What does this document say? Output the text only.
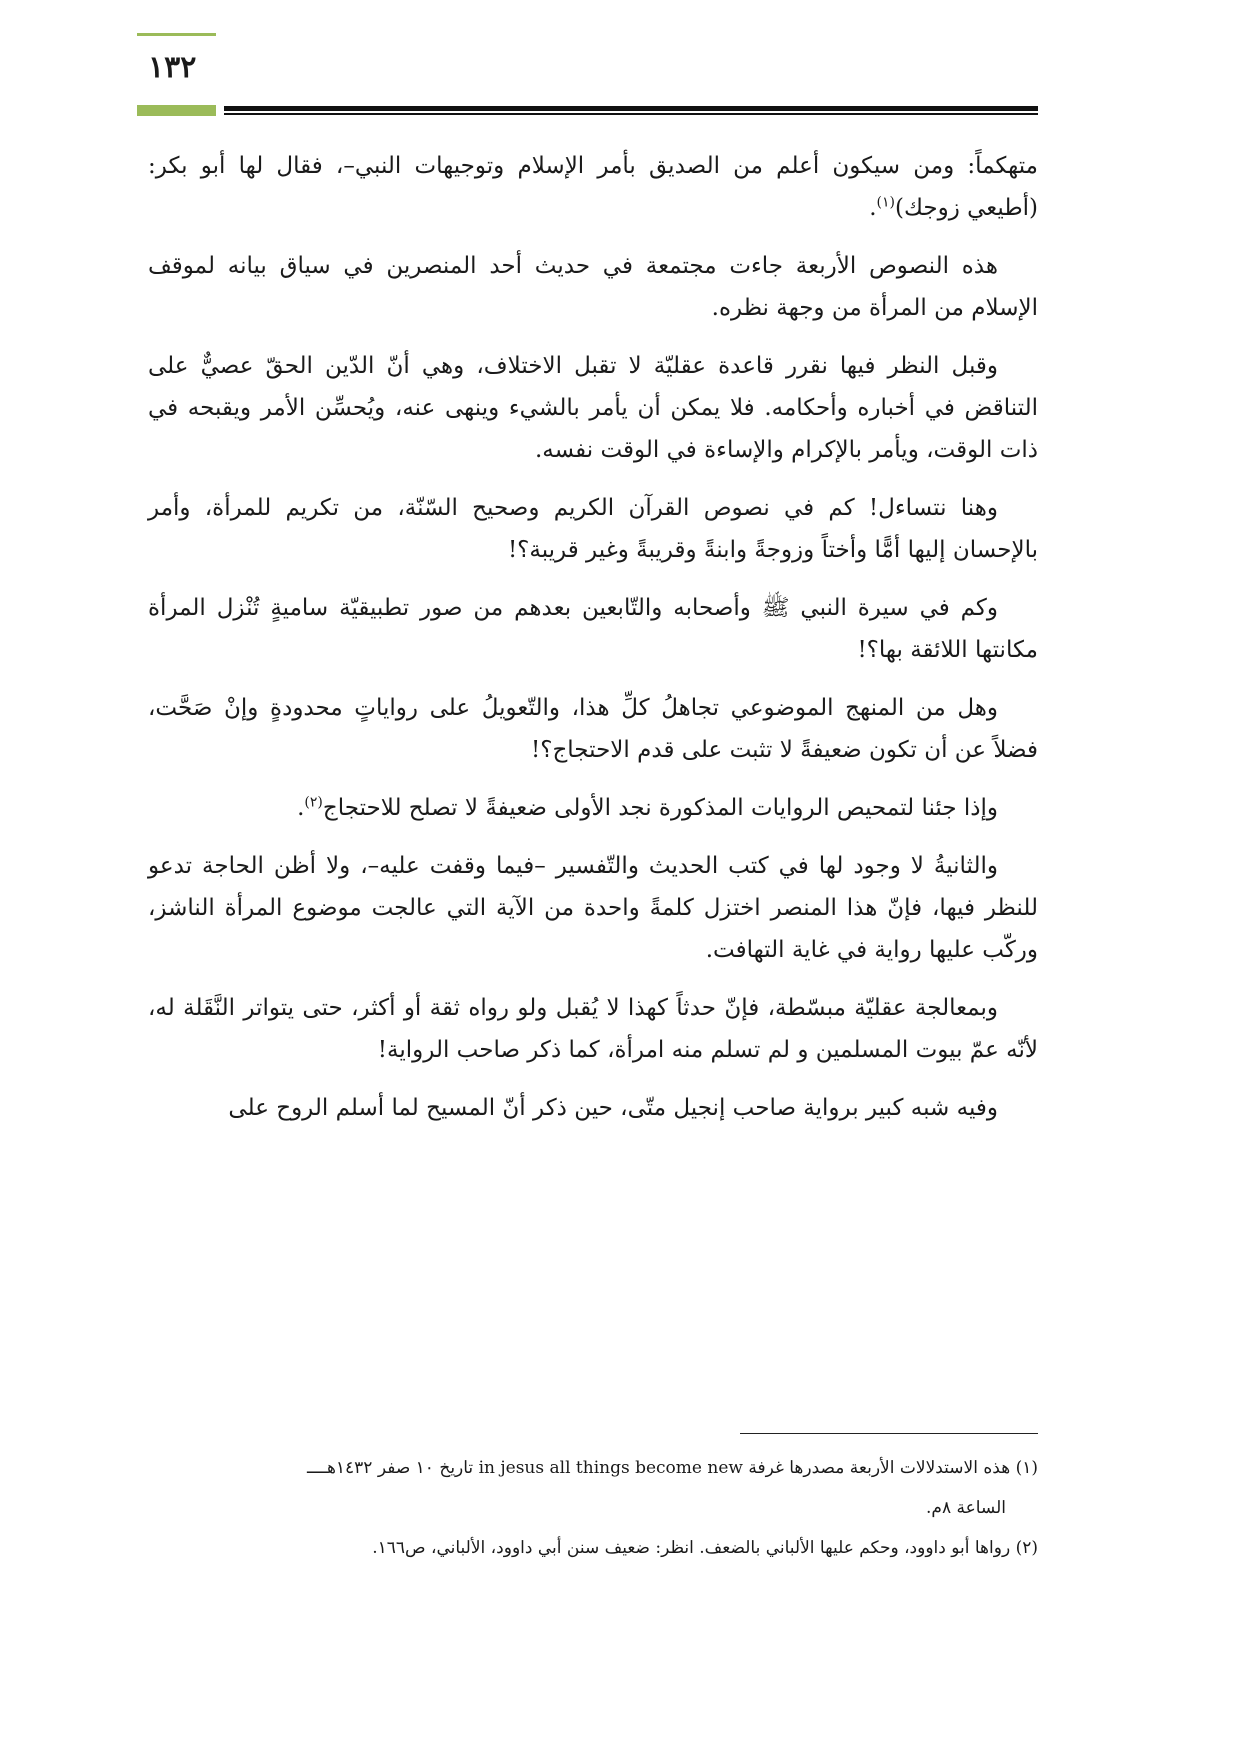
١٣٢

متهكماً: ومن سيكون أعلم من الصديق بأمر الإسلام وتوجيهات النبي–، فقال لها أبو بكر: (أطيعي زوجك)$^{(١)}$.

هذه النصوص الأربعة جاءت مجتمعة في حديث أحد المنصرين في سياق بيانه لموقف الإسلام من المرأة من وجهة نظره.

وقبل النظر فيها نقرر قاعدة عقليّة لا تقبل الاختلاف، وهي أنّ الدّين الحقّ عصيٌّ على التناقض في أخباره وأحكامه. فلا يمكن أن يأمر بالشيء وينهى عنه، ويُحسِّن الأمر ويقبحه في ذات الوقت، ويأمر بالإكرام والإساءة في الوقت نفسه.

وهنا نتساءل! كم في نصوص القرآن الكريم وصحيح السّنّة، من تكريم للمرأة، وأمر بالإحسان إليها أمًّا وأختاً وزوجةً وابنةً وقريبةً وغير قريبة؟!

وكم في سيرة النبي ﷺ وأصحابه والتّابعين بعدهم من صور تطبيقيّة ساميةٍ تُنْزل المرأة مكانتها اللائقة بها؟!

وهل من المنهج الموضوعي تجاهلُ كلِّ هذا، والتّعويلُ على رواياتٍ محدودةٍ وإنْ صَحَّت، فضلاً عن أن تكون ضعيفةً لا تثبت على قدم الاحتجاج؟!

وإذا جئنا لتمحيص الروايات المذكورة نجد الأولى ضعيفةً لا تصلح للاحتجاج$^{(٢)}$.

والثانيةُ لا وجود لها في كتب الحديث والتّفسير –فيما وقفت عليه–، ولا أظن الحاجة تدعو للنظر فيها، فإنّ هذا المنصر اختزل كلمةً واحدة من الآية التي عالجت موضوع المرأة الناشز، وركّب عليها رواية في غاية التهافت.

وبمعالجة عقليّة مبسّطة، فإنّ حدثاً كهذا لا يُقبل ولو رواه ثقة أو أكثر، حتى يتواتر النَّقَلة له، لأنّه عمّ بيوت المسلمين و لم تسلم منه امرأة، كما ذكر صاحب الرواية!

وفيه شبه كبير برواية صاحب إنجيل متّى، حين ذكر أنّ المسيح لما أسلم الروح على

(١) هذه الاستدلالات الأربعة مصدرها غرفة in jesus all things become new تاريخ ١٠ صفر ١٤٣٢هــــ

الساعة ٨م.

(٢) رواها أبو داوود، وحكم عليها الألباني بالضعف. انظر: ضعيف سنن أبي داوود، الألباني، ص١٦٦.
